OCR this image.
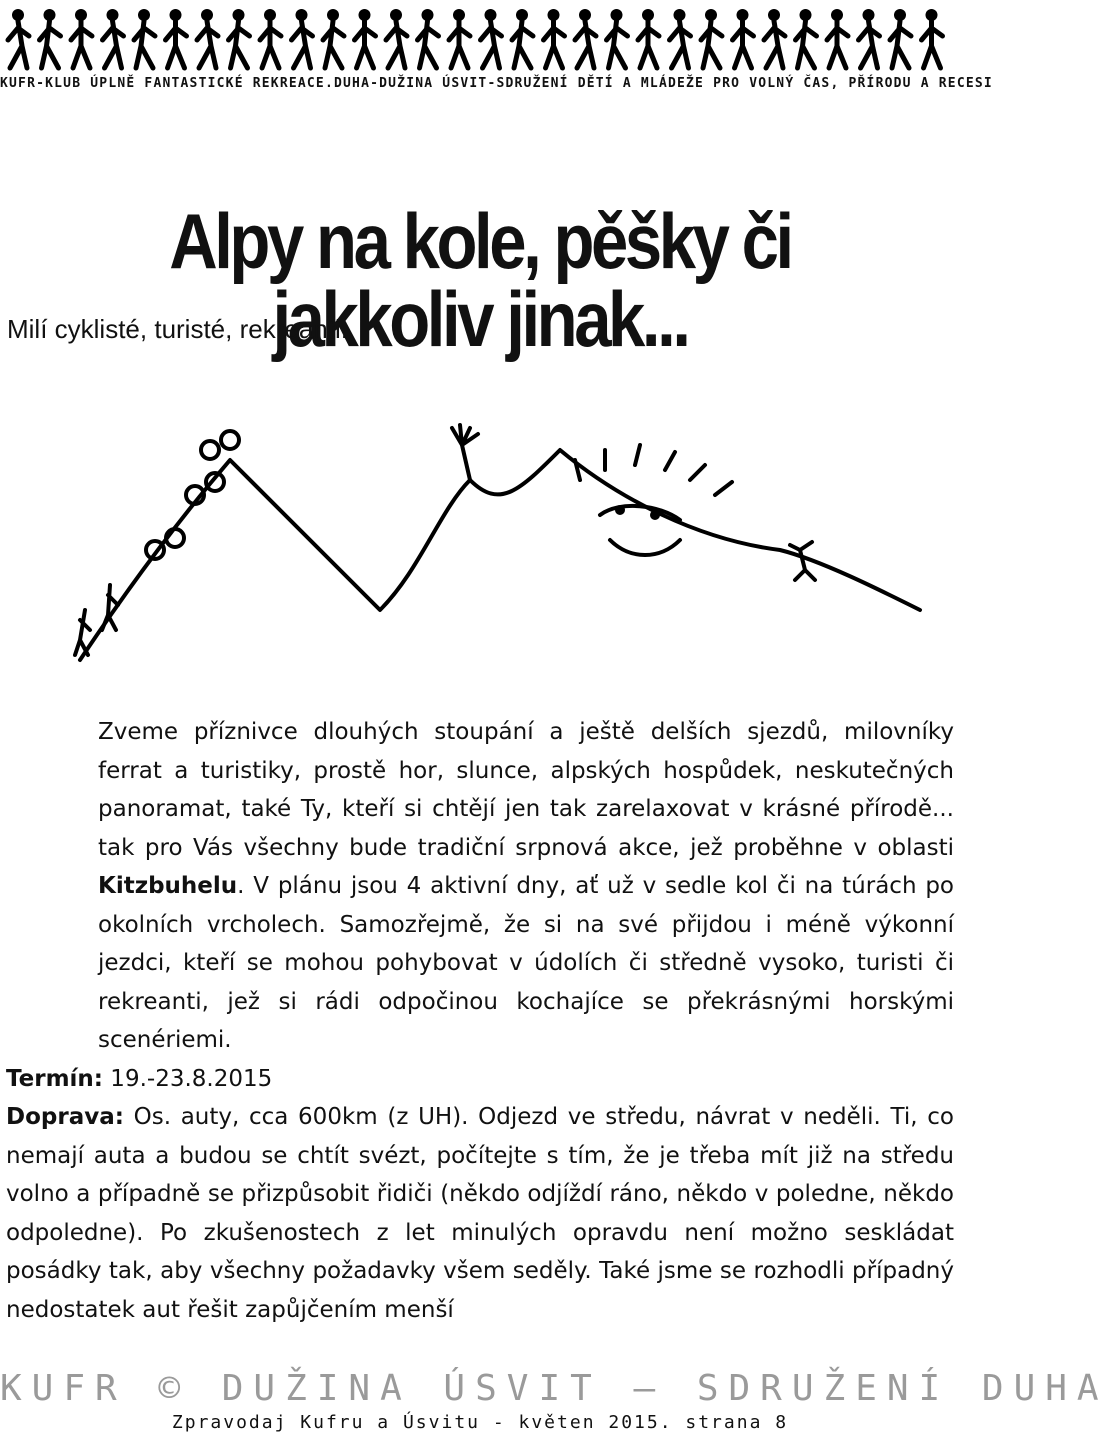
KUFR-KLUB ÚPLNĚ FANTASTICKÉ REKREACE.DUHA-DUŽINA ÚSVIT-SDRUŽENÍ DĚTÍ A MLÁDEŽE PRO VOLNÝ ČAS, PŘÍRODU A RECESI
Alpy na kole, pěšky či jakkoliv jinak...
Milí cyklisté, turisté, rekreanti.

Zveme příznivce dlouhých stoupání a ještě delších sjezdů, milovníky ferrat a turistiky, prostě hor, slunce, alpských hospůdek, neskutečných panoramat, také Ty, kteří si chtějí jen tak zarelaxovat v krásné přírodě... tak pro Vás všechny bude tradiční srpnová akce, jež proběhne v oblasti Kitzbuhelu. V plánu jsou 4 aktivní dny, ať už v sedle kol či na túrách po okolních vrcholech. Samozřejmě, že si na své přijdou i méně výkonní jezdci, kteří se mohou pohybovat v údolích či středně vysoko, turisti či rekreanti, jež si rádi odpočinou kochajíce se překrásnými horskými scenériemi.

Termín: 19.-23.8.2015

Doprava: Os. auty, cca 600km (z UH). Odjezd ve středu, návrat v neděli. Ti, co nemají auta a budou se chtít svézt, počítejte s tím, že je třeba mít již na středu volno a případně se přizpůsobit řidiči (někdo odjíždí ráno, někdo v poledne, někdo odpoledne). Po zkušenostech z let minulých opravdu není možno seskládat posádky tak, aby všechny požadavky všem seděly. Také jsme se rozhodli případný nedostatek aut řešit zapůjčením menší

KUFR © DUŽINA ÚSVIT – SDRUŽENÍ DUHA
Zpravodaj Kufru a Úsvitu - květen 2015. strana 8
